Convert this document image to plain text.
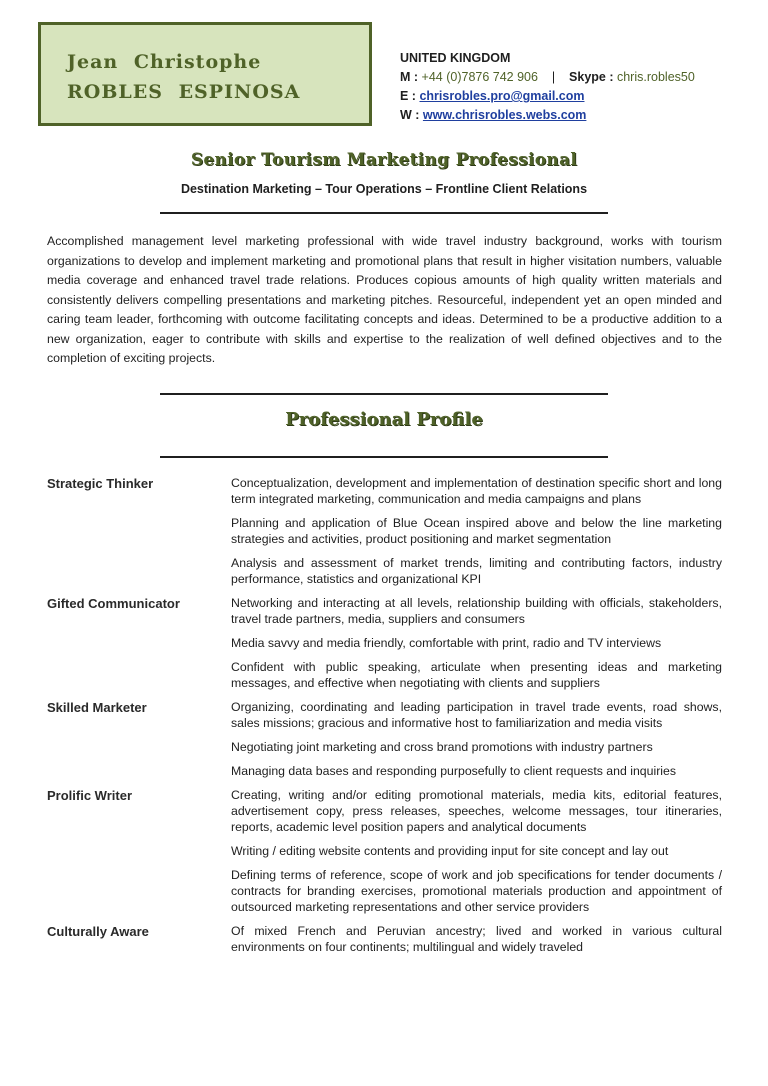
Jean Christophe
ROBLES ESPINOSA
UNITED KINGDOM
M : +44 (0)7876 742 906 | Skype : chris.robles50
E : chrisrobles.pro@gmail.com
W : www.chrisrobles.webs.com
Senior Tourism Marketing Professional
Destination Marketing – Tour Operations – Frontline Client Relations
Accomplished management level marketing professional with wide travel industry background, works with tourism organizations to develop and implement marketing and promotional plans that result in higher visitation numbers, valuable media coverage and enhanced travel trade relations. Produces copious amounts of high quality written materials and consistently delivers compelling presentations and marketing pitches. Resourceful, independent yet an open minded and caring team leader, forthcoming with outcome facilitating concepts and ideas. Determined to be a productive addition to a new organization, eager to contribute with skills and expertise to the realization of well defined objectives and to the completion of exciting projects.
Professional Profile
Strategic Thinker	Conceptualization, development and implementation of destination specific short and long term integrated marketing, communication and media campaigns and plans
Planning and application of Blue Ocean inspired above and below the line marketing strategies and activities, product positioning and market segmentation
Analysis and assessment of market trends, limiting and contributing factors, industry performance, statistics and organizational KPI
Gifted Communicator	Networking and interacting at all levels, relationship building with officials, stakeholders, travel trade partners, media, suppliers and consumers
Media savvy and media friendly, comfortable with print, radio and TV interviews
Confident with public speaking, articulate when presenting ideas and marketing messages, and effective when negotiating with clients and suppliers
Skilled Marketer	Organizing, coordinating and leading participation in travel trade events, road shows, sales missions; gracious and informative host to familiarization and media visits
Negotiating joint marketing and cross brand promotions with industry partners
Managing data bases and responding purposefully to client requests and inquiries
Prolific Writer	Creating, writing and/or editing promotional materials, media kits, editorial features, advertisement copy, press releases, speeches, welcome messages, tour itineraries, reports, academic level position papers and analytical documents
Writing / editing website contents and providing input for site concept and lay out
Defining terms of reference, scope of work and job specifications for tender documents / contracts for branding exercises, promotional materials production and appointment of outsourced marketing representations and other service providers
Culturally Aware	Of mixed French and Peruvian ancestry; lived and worked in various cultural environments on four continents; multilingual and widely traveled
